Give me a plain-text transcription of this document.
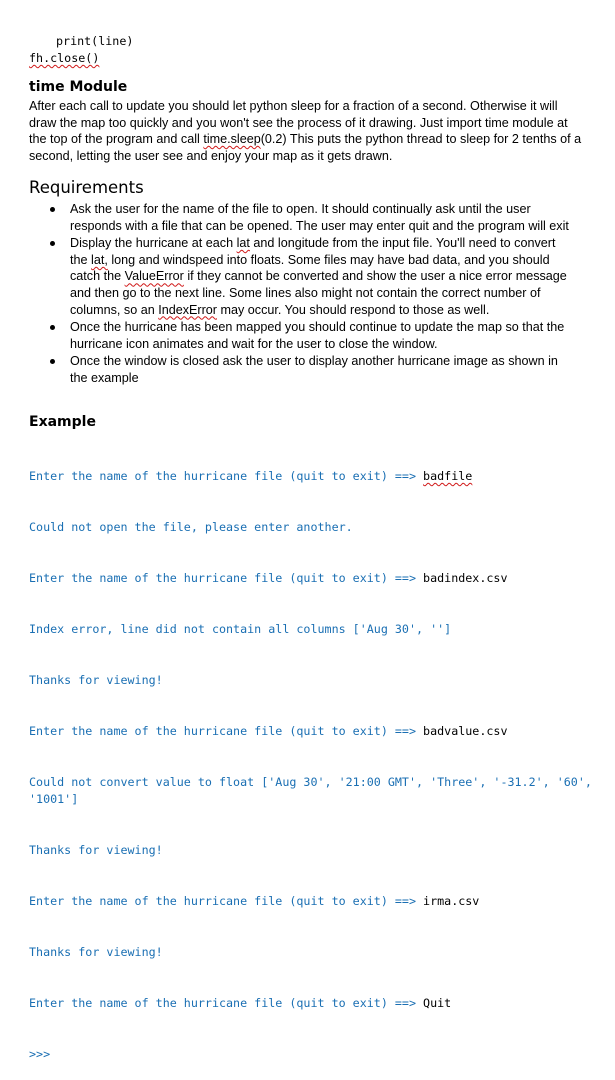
print(line)
fh.close()
time Module
After each call to update you should let python sleep for a fraction of a second. Otherwise it will draw the map too quickly and you won't see the process of it drawing. Just import time module at the top of the program and call time.sleep(0.2) This puts the python thread to sleep for 2 tenths of a second, letting the user see and enjoy your map as it gets drawn.
Requirements
Ask the user for the name of the file to open. It should continually ask until the user responds with a file that can be opened. The user may enter quit and the program will exit
Display the hurricane at each lat and longitude from the input file. You'll need to convert the lat, long and windspeed into floats. Some files may have bad data, and you should catch the ValueError if they cannot be converted and show the user a nice error message and then go to the next line. Some lines also might not contain the correct number of columns, so an IndexError may occur. You should respond to those as well.
Once the hurricane has been mapped you should continue to update the map so that the hurricane icon animates and wait for the user to close the window.
Once the window is closed ask the user to display another hurricane image as shown in the example
Example

Enter the name of the hurricane file (quit to exit) ==> badfile

Could not open the file, please enter another.

Enter the name of the hurricane file (quit to exit) ==> badindex.csv

Index error, line did not contain all columns ['Aug 30', '']

Thanks for viewing!

Enter the name of the hurricane file (quit to exit) ==> badvalue.csv

Could not convert value to float ['Aug 30', '21:00 GMT', 'Three', '-31.2', '60', '1001']

Thanks for viewing!

Enter the name of the hurricane file (quit to exit) ==> irma.csv

Thanks for viewing!

Enter the name of the hurricane file (quit to exit) ==> Quit

>>>
